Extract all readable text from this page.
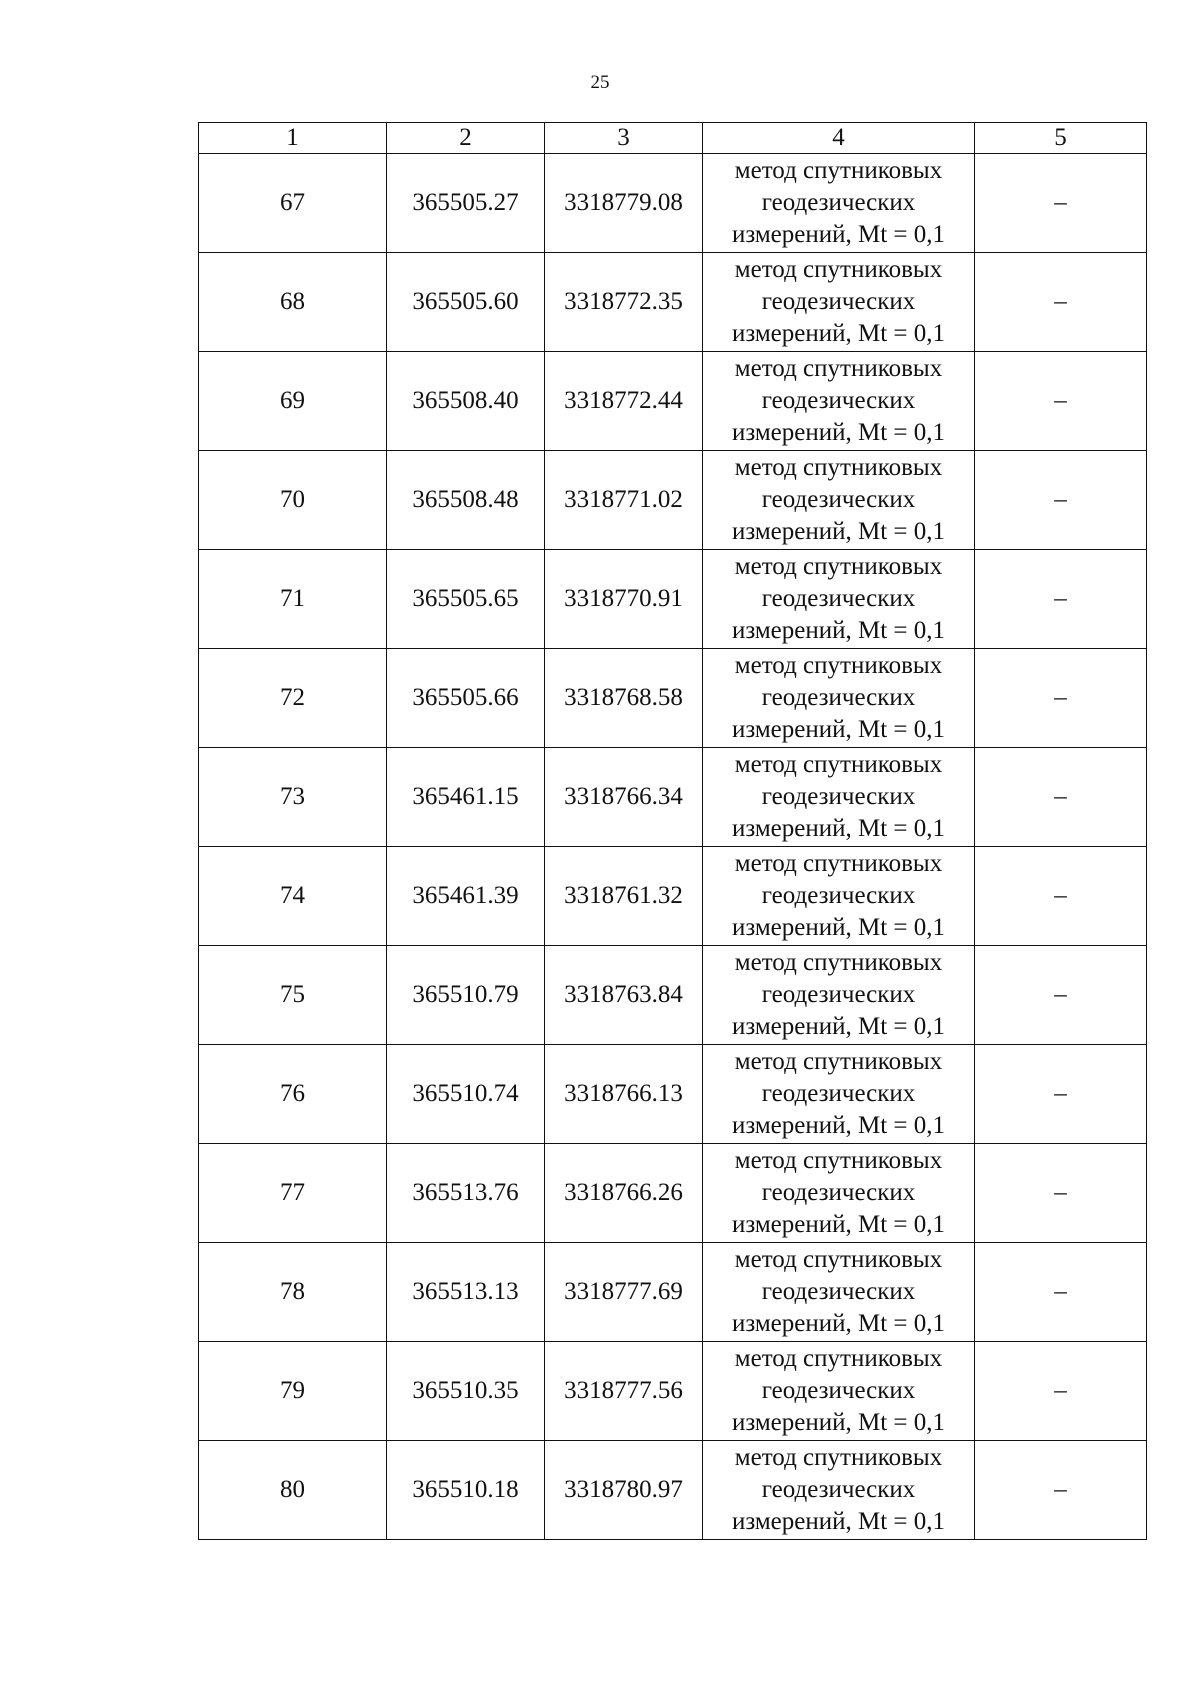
25
1	2	3	4	5
67	365505.27	3318779.08	метод спутниковых
геодезических
измерений, Mt = 0,1	–
68	365505.60	3318772.35	метод спутниковых
геодезических
измерений, Mt = 0,1	–
69	365508.40	3318772.44	метод спутниковых
геодезических
измерений, Mt = 0,1	–
70	365508.48	3318771.02	метод спутниковых
геодезических
измерений, Mt = 0,1	–
71	365505.65	3318770.91	метод спутниковых
геодезических
измерений, Mt = 0,1	–
72	365505.66	3318768.58	метод спутниковых
геодезических
измерений, Mt = 0,1	–
73	365461.15	3318766.34	метод спутниковых
геодезических
измерений, Mt = 0,1	–
74	365461.39	3318761.32	метод спутниковых
геодезических
измерений, Mt = 0,1	–
75	365510.79	3318763.84	метод спутниковых
геодезических
измерений, Mt = 0,1	–
76	365510.74	3318766.13	метод спутниковых
геодезических
измерений, Mt = 0,1	–
77	365513.76	3318766.26	метод спутниковых
геодезических
измерений, Mt = 0,1	–
78	365513.13	3318777.69	метод спутниковых
геодезических
измерений, Mt = 0,1	–
79	365510.35	3318777.56	метод спутниковых
геодезических
измерений, Mt = 0,1	–
80	365510.18	3318780.97	метод спутниковых
геодезических
измерений, Mt = 0,1	–
